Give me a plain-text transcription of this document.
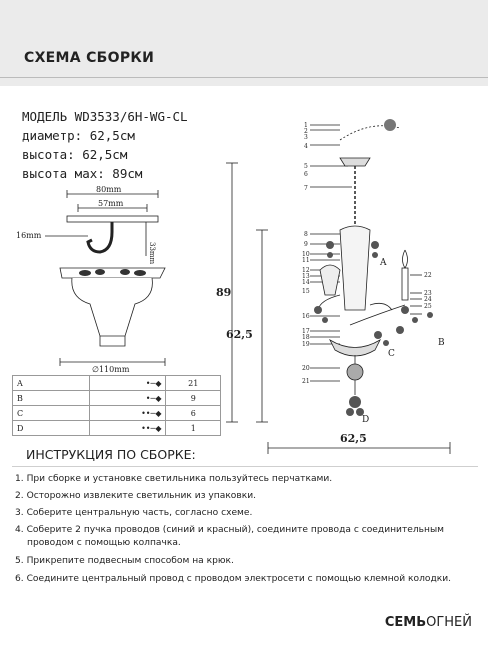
СХЕМА СБОРКИ
МОДЕЛЬ WD3533/6H-WG-CL
диаметр: 62,5см
высота: 62,5см
высота мах: 89см
80mm
57mm
16mm
33mm
∅110mm
1
2
3
4
5
6
7
8
9
10
11
12
13
14
15
16
17
18
19
20
21
22
23
24
25
A
B
C
D
89
62,5
62,5
A	•─◆	21
B	•─◆	9
C	••─◆	6
D	••─◆	1
ИНСТРУКЦИЯ ПО СБОРКЕ:
1. При сборке и установке светильника пользуйтесь перчатками.
2. Осторожно извлеките светильник из упаковки.
3. Соберите центральную часть, согласно схеме.
4. Соберите 2 пучка проводов (синий и красный), соедините провода с соединительным
проводом с помощью колпачка.
5. Прикрепите подвесным способом на крюк.
6. Соедините центральный провод с проводом электросети с помощью клемной колодки.
СЕМЬОГНЕЙ
